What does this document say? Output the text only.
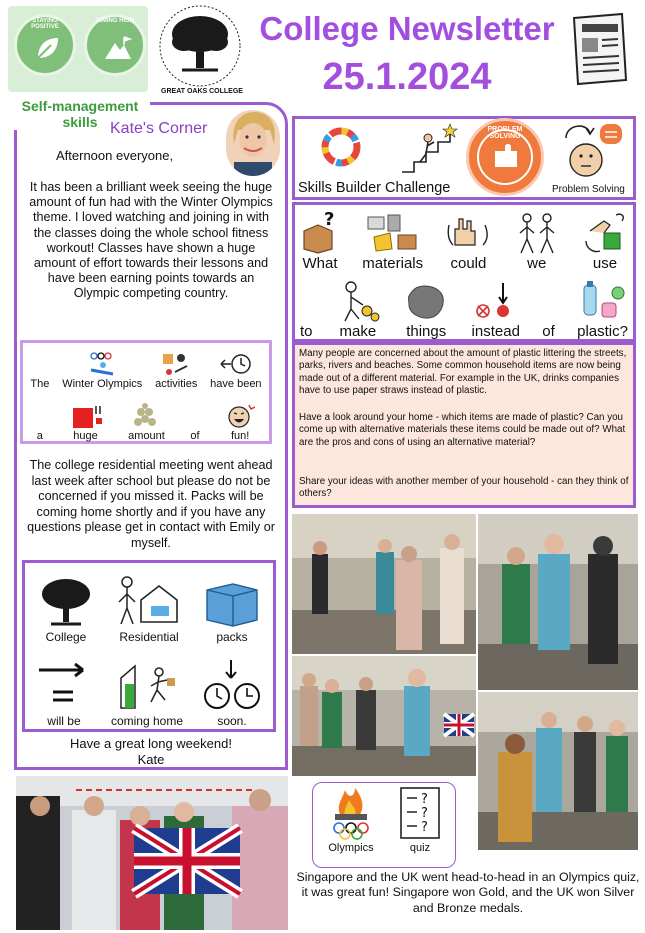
STAYING POSITIVE
AIMING HIGH
GREAT OAKS COLLEGE
College Newsletter
25.1.2024
Self-management
skills Kate's Corner
Afternoon everyone,

It has been a brilliant week seeing the huge amount of fun had with the Winter Olympics theme. I loved watching and joining in with the classes doing the whole school fitness workout! Classes have shown a huge amount of effort towards their lessons and have been earning points towards an Olympic competing country.

The Winter Olympics activities have been
a	huge	amount of	fun!

The college residential meeting went ahead last week after school but please do not be concerned if you missed it. Packs will be coming home shortly and if you have any questions please get in contact with Emily or myself.

College	Residential	packs
will be	coming home	soon.
Have a great long weekend!
Kate
PROBLEM SOLVING
Skills Builder Challenge	Problem Solving
?
What materials could	we	use
to make things instead of plastic?

Many people are concerned about the amount of plastic littering the streets, parks, rivers and beaches. Some common household items are now being made out of a different material. For example in the UK, drinks companies have to use paper straws instead of plastic.

Have a look around your home - which items are made of plastic? Can you come up with alternative materials these items could be made out of? What are the pros and cons of using an alternative material?

Share your ideas with another member of your household - can they think of others?

Olympics
?
?
?
quiz

Singapore and the UK went head-to-head in an Olympics quiz, it was great fun! Singapore won Gold, and the UK won Silver and Bronze medals.
